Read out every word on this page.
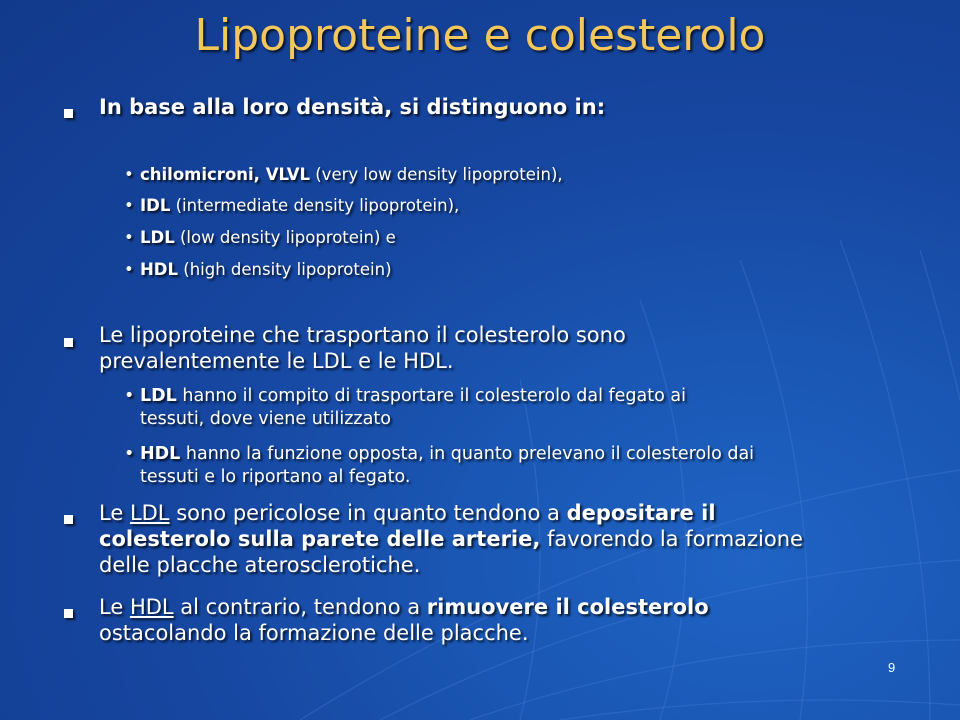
Lipoproteine e colesterolo

In base alla loro densità, si distinguono in:

• chilomicroni, VLVL (very low density lipoprotein),

• IDL (intermediate density lipoprotein),

• LDL (low density lipoprotein) e

• HDL (high density lipoprotein)

Le lipoproteine che trasportano il colesterolo sono
prevalentemente le LDL e le HDL.

• LDL hanno il compito di trasportare il colesterolo dal fegato ai
tessuti, dove viene utilizzato

• HDL hanno la funzione opposta, in quanto prelevano il colesterolo dai
tessuti e lo riportano al fegato.

Le LDL sono pericolose in quanto tendono a depositare il
colesterolo sulla parete delle arterie, favorendo la formazione
delle placche aterosclerotiche.

Le HDL al contrario, tendono a rimuovere il colesterolo
ostacolando la formazione delle placche.

9
